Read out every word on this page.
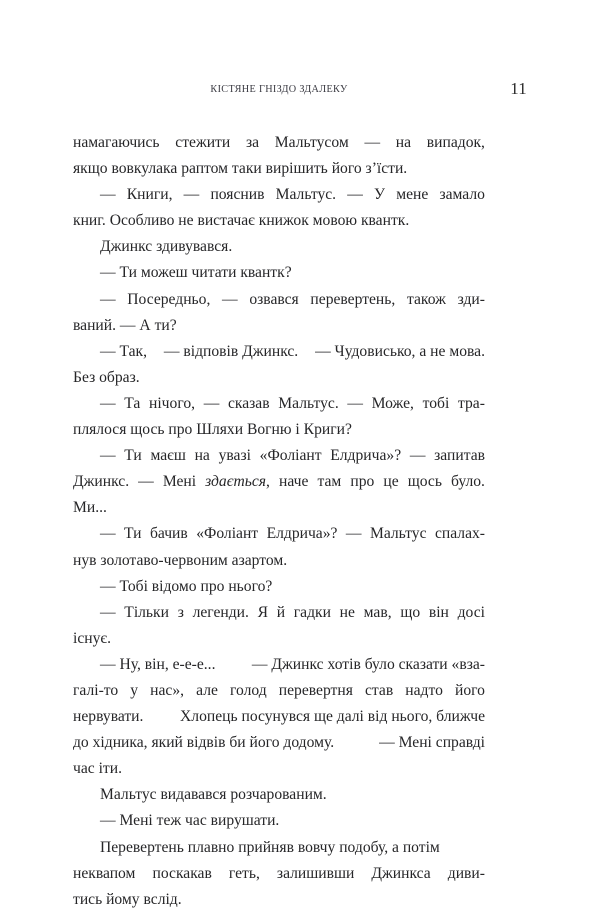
КІСТЯНЕ ГНІЗДО ЗДАЛЕКУ	11
намагаючись стежити за Мальтусом — на випадок,
якщо вовкулака раптом таки вирішить його з’їсти.
— Книги, — пояснив Мальтус. — У мене замало
книг. Особливо не вистачає книжок мовою квантк.
Джинкс здивувався.
— Ти можеш читати квантк?
— Посередньо, — озвався перевертень, також зди-
ваний. — А ти?
— Так, — відповів Джинкс. — Чудовисько, а не мова.
Без образ.
— Та нічого, — сказав Мальтус. — Може, тобі тра-
плялося щось про Шляхи Вогню і Криги?
— Ти маєш на увазі «Фоліант Елдрича»? — запитав
Джинкс. — Мені здається, наче там про це щось було.
Ми...
— Ти бачив «Фоліант Елдрича»? — Мальтус спалах-
нув золотаво-червоним азартом.
— Тобі відомо про нього?
— Тільки з легенди. Я й гадки не мав, що він досі
існує.
— Ну, він, е-е-е... — Джинкс хотів було сказати «вза-
галі-то у нас», але голод перевертня став надто його
нервувати. Хлопець посунувся ще далі від нього, ближче
до хідника, який відвів би його додому.	— Мені справді
час іти.
Мальтус видавався розчарованим.
— Мені теж час вирушати.
Перевертень плавно прийняв вовчу подобу, а потім
неквапом поскакав геть, залишивши Джинкса диви-
тись йому вслід.
